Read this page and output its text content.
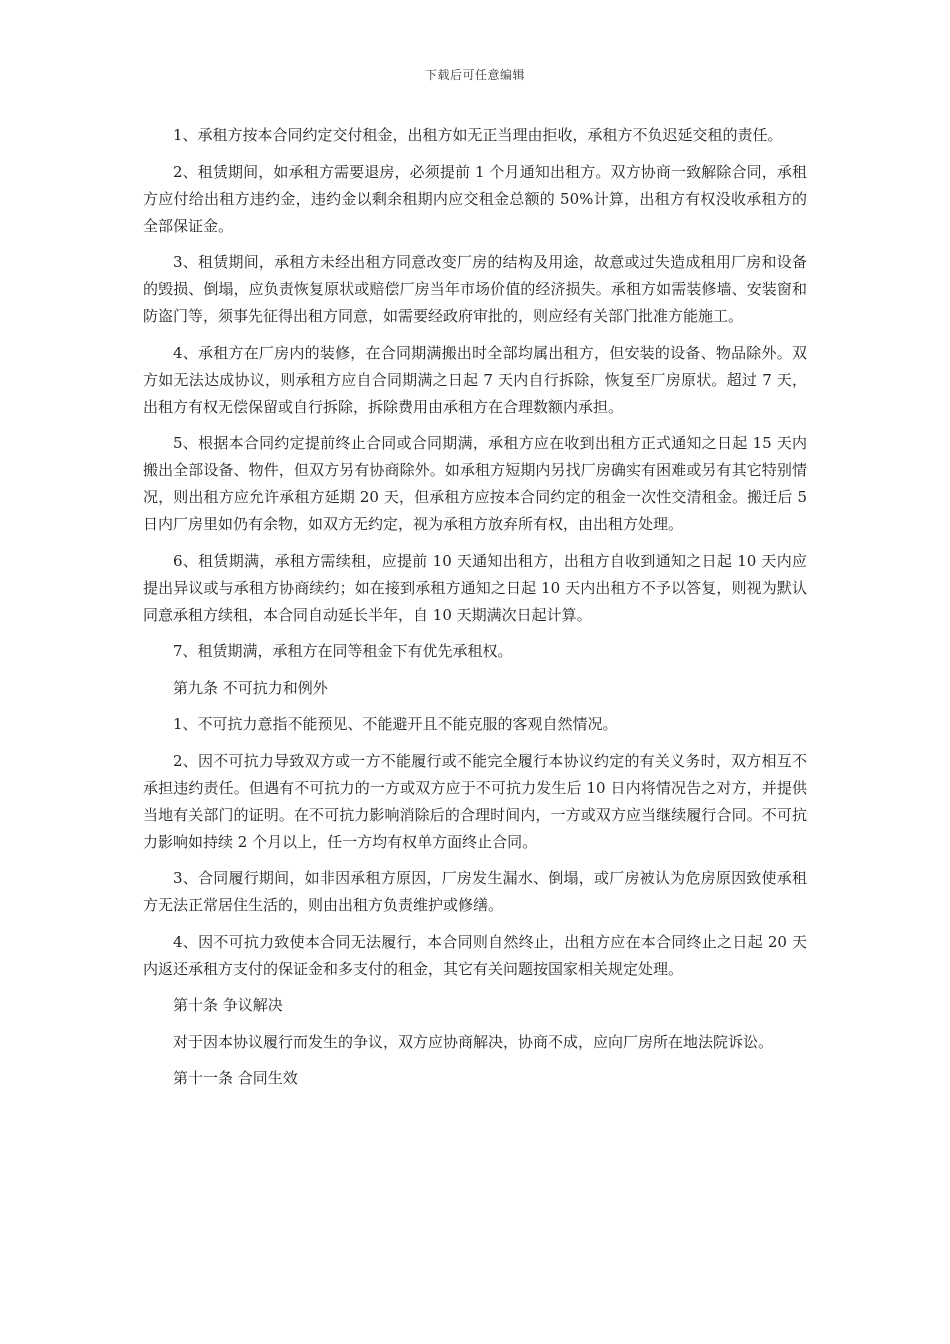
下载后可任意编辑

1、承租方按本合同约定交付租金，出租方如无正当理由拒收，承租方不负迟延交租的责任。

2、租赁期间，如承租方需要退房，必须提前 1 个月通知出租方。双方协商一致解除合同，承租方应付给出租方违约金，违约金以剩余租期内应交租金总额的 50%计算，出租方有权没收承租方的全部保证金。

3、租赁期间，承租方未经出租方同意改变厂房的结构及用途，故意或过失造成租用厂房和设备的毁损、倒塌，应负责恢复原状或赔偿厂房当年市场价值的经济损失。承租方如需装修墙、安装窗和防盗门等，须事先征得出租方同意，如需要经政府审批的，则应经有关部门批准方能施工。

4、承租方在厂房内的装修，在合同期满搬出时全部均属出租方，但安装的设备、物品除外。双方如无法达成协议，则承租方应自合同期满之日起 7 天内自行拆除，恢复至厂房原状。超过 7 天，出租方有权无偿保留或自行拆除，拆除费用由承租方在合理数额内承担。

5、根据本合同约定提前终止合同或合同期满，承租方应在收到出租方正式通知之日起 15 天内搬出全部设备、物件，但双方另有协商除外。如承租方短期内另找厂房确实有困难或另有其它特别情况，则出租方应允许承租方延期 20 天，但承租方应按本合同约定的租金一次性交清租金。搬迁后 5 日内厂房里如仍有余物，如双方无约定，视为承租方放弃所有权，由出租方处理。

6、租赁期满，承租方需续租，应提前 10 天通知出租方，出租方自收到通知之日起 10 天内应提出异议或与承租方协商续约；如在接到承租方通知之日起 10 天内出租方不予以答复，则视为默认同意承租方续租，本合同自动延长半年，自 10 天期满次日起计算。

7、租赁期满，承租方在同等租金下有优先承租权。

第九条 不可抗力和例外

1、不可抗力意指不能预见、不能避开且不能克服的客观自然情况。

2、因不可抗力导致双方或一方不能履行或不能完全履行本协议约定的有关义务时，双方相互不承担违约责任。但遇有不可抗力的一方或双方应于不可抗力发生后 10 日内将情况告之对方，并提供当地有关部门的证明。在不可抗力影响消除后的合理时间内，一方或双方应当继续履行合同。不可抗力影响如持续 2 个月以上，任一方均有权单方面终止合同。

3、合同履行期间，如非因承租方原因，厂房发生漏水、倒塌，或厂房被认为危房原因致使承租方无法正常居住生活的，则由出租方负责维护或修缮。

4、因不可抗力致使本合同无法履行，本合同则自然终止，出租方应在本合同终止之日起 20 天内返还承租方支付的保证金和多支付的租金，其它有关问题按国家相关规定处理。

第十条 争议解决

对于因本协议履行而发生的争议，双方应协商解决，协商不成，应向厂房所在地法院诉讼。

第十一条 合同生效
